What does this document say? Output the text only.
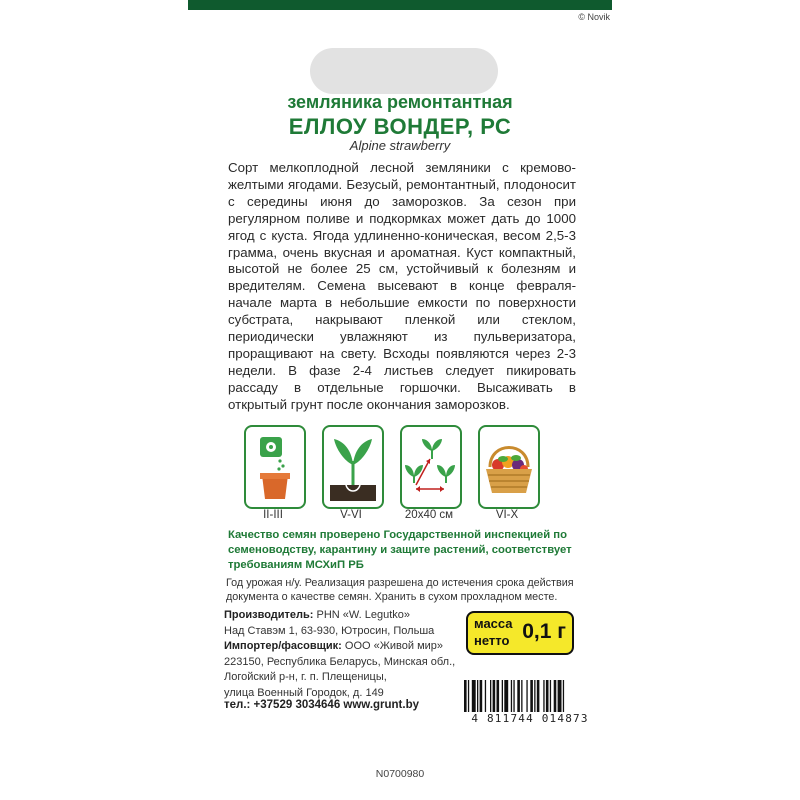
© Novik
земляника ремонтантная
ЕЛЛОУ ВОНДЕР, РС
Alpine strawberry
Сорт мелкоплодной лесной земляники с кремово-желтыми ягодами. Безусый, ремонтантный, плодоносит с середины июня до заморозков. За сезон при регулярном поливе и подкормках может дать до 1000 ягод с куста. Ягода удлиненно-коническая, весом 2,5-3 грамма, очень вкусная и ароматная. Куст компактный, высотой не более 25 см, устойчивый к болезням и вредителям. Семена высевают в конце февраля-начале марта в небольшие емкости по поверхности субстрата, накрывают пленкой или стеклом, периодически увлажняют из пульверизатора, проращивают на свету. Всходы появляются через 2-3 недели. В фазе 2-4 листьев следует пикировать рассаду в отдельные горшочки. Высаживать в открытый грунт после окончания заморозков.
II-III	V-VI	20x40 см	VI-X
Качество семян проверено Государственной инспекцией по семеноводству, карантину и защите растений, соответствует требованиям МСХиП РБ
Год урожая н/у. Реализация разрешена до истечения срока действия документа о качестве семян. Хранить в сухом прохладном месте.
Производитель: PHN «W. Legutko»
Над Ставэм 1, 63-930, Ютросин, Польша
Импортер/фасовщик: ООО «Живой мир»
223150, Республика Беларусь, Минская обл.,
Логойский р-н, г. п. Плещеницы,
улица Военный Городок, д. 149
масса
нетто 0,1 г
тел.: +37529 3034646 www.grunt.by
4 811744 014873
N0700980
